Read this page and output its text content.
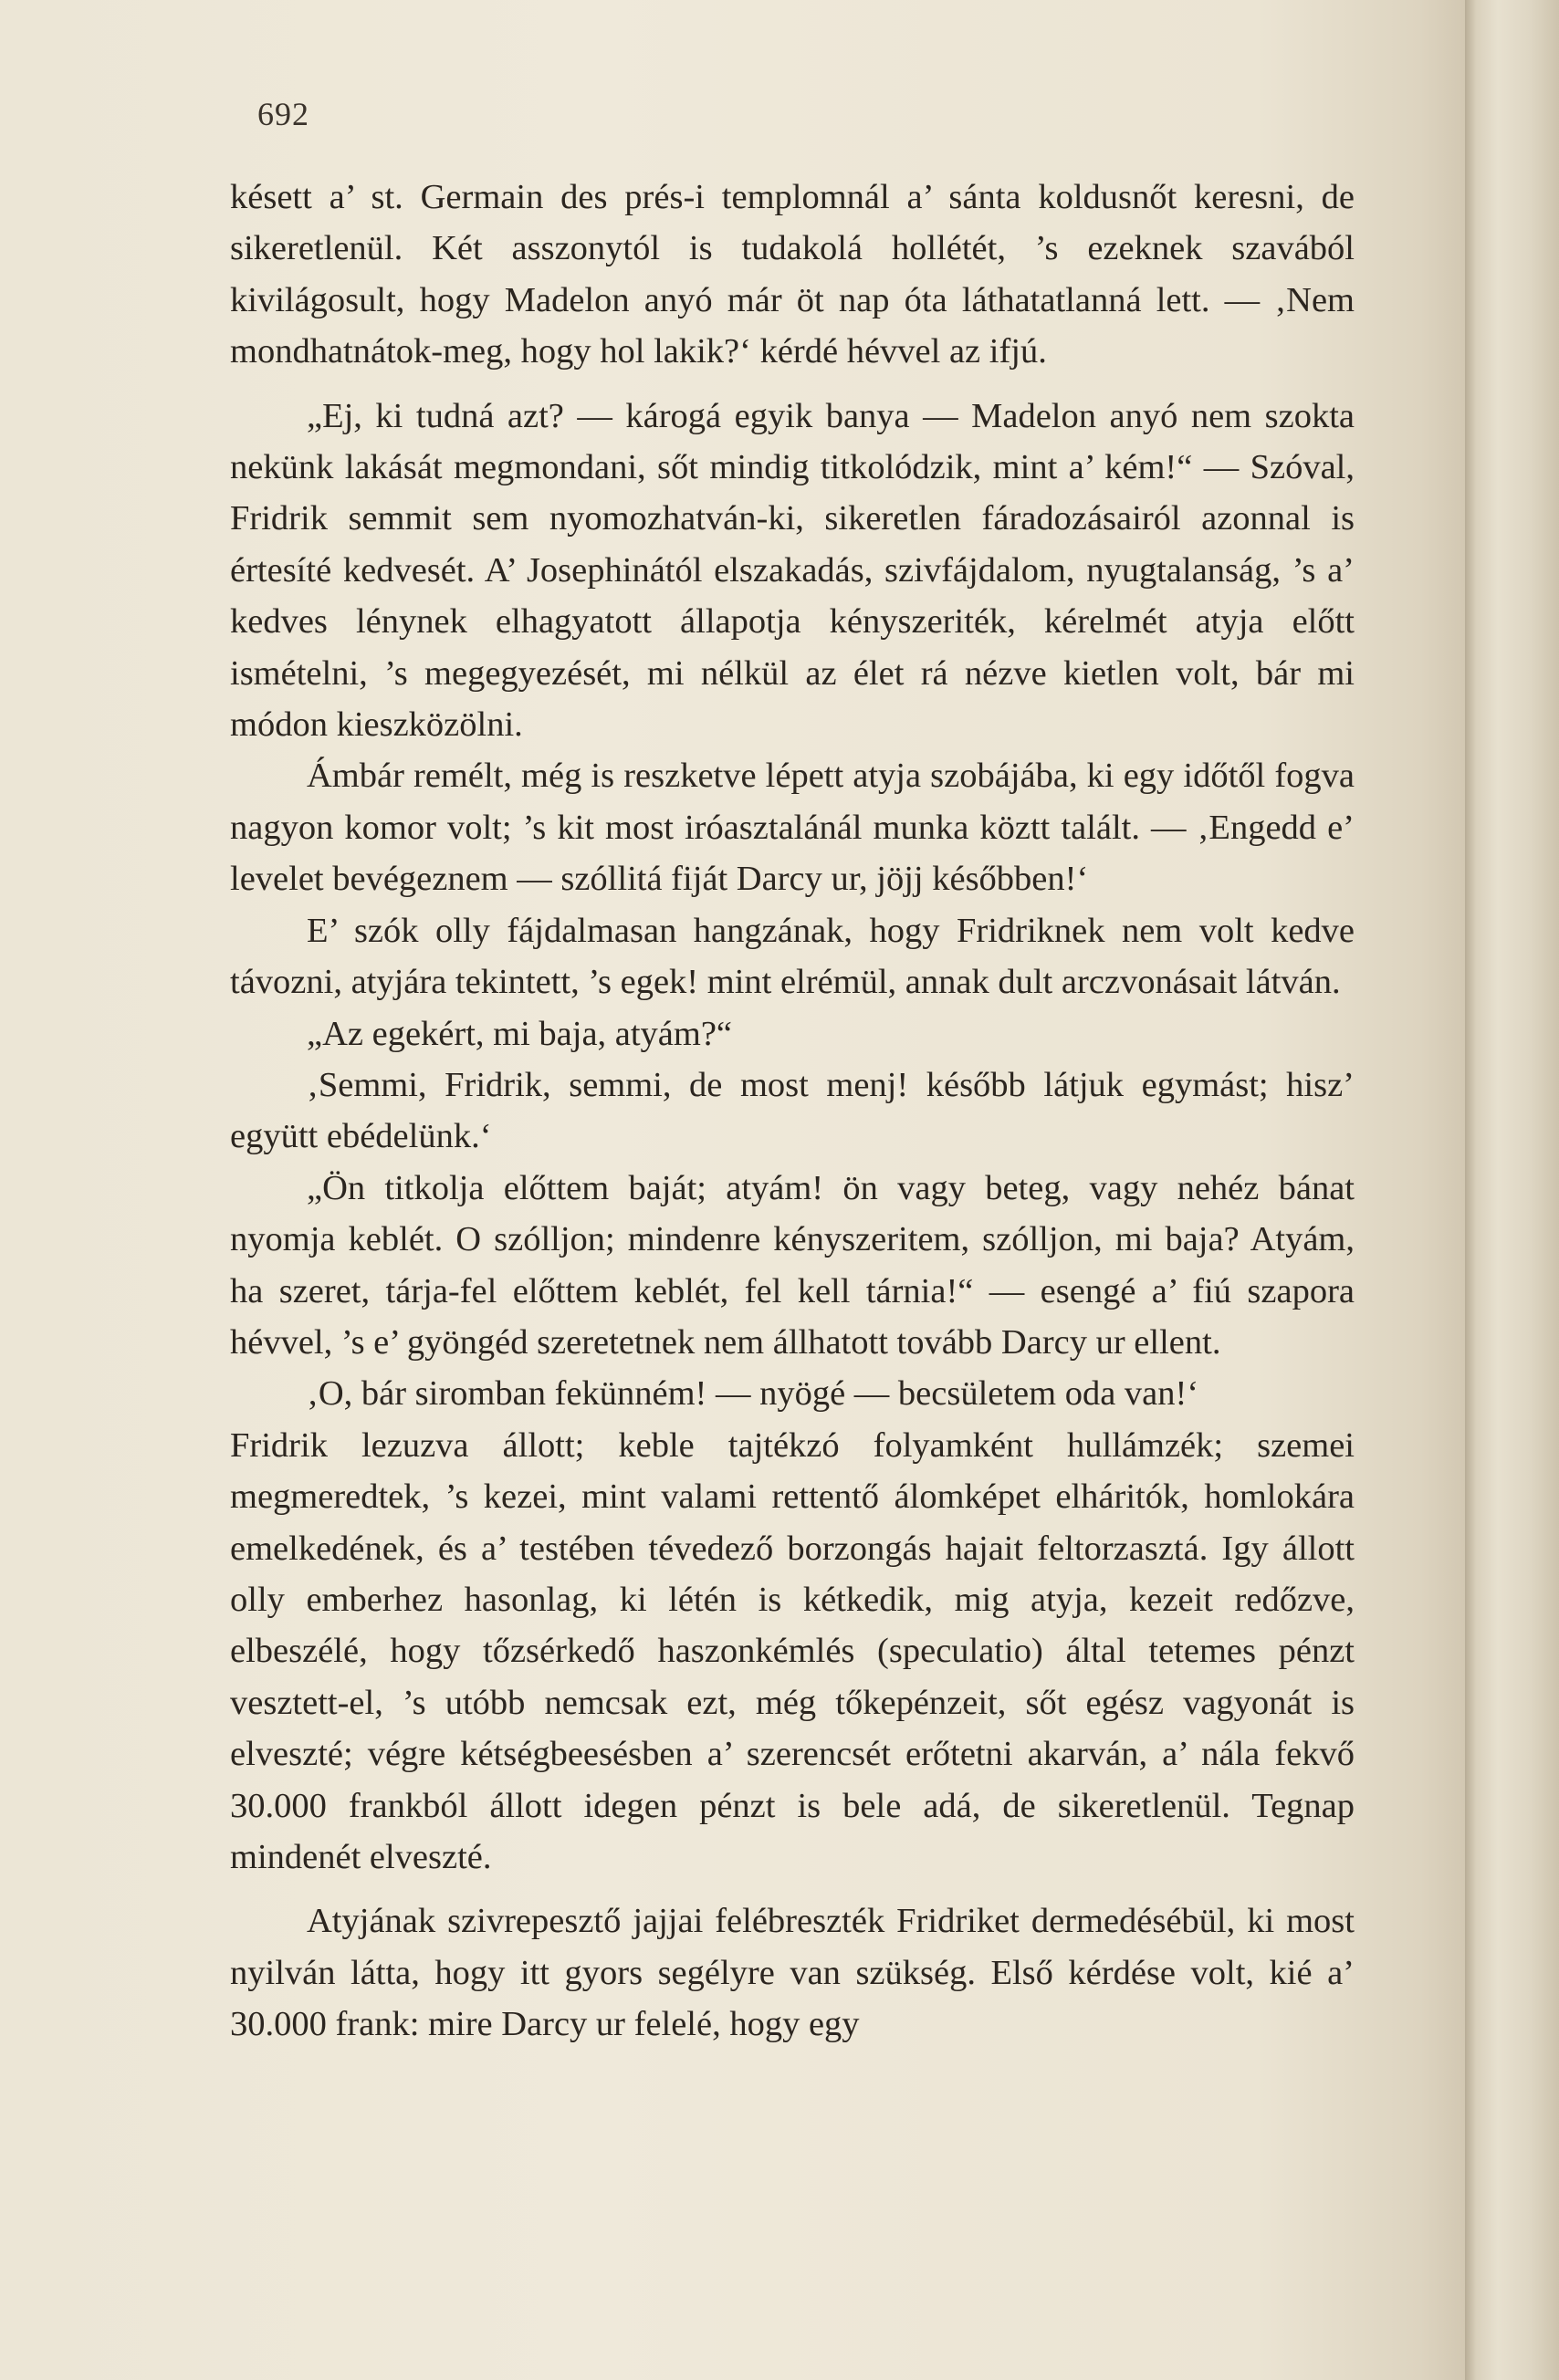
692

késett a’ st. Germain des prés-i templomnál a’ sánta koldusnőt keresni, de sikeretlenül. Két asszonytól is tudakolá hollétét, ’s ezeknek szavából kivilágosult, hogy Madelon anyó már öt nap óta láthatatlanná lett. — ‚Nem mondhatnátok-meg, hogy hol lakik?‘ kérdé hévvel az ifjú.

„Ej, ki tudná azt? — károgá egyik banya — Madelon anyó nem szokta nekünk lakását megmondani, sőt mindig titkolódzik, mint a’ kém!“ — Szóval, Fridrik semmit sem nyomozhatván-ki, sikeretlen fáradozásairól azonnal is értesíté kedvesét. A’ Josephinától elszakadás, szivfájdalom, nyugtalanság, ’s a’ kedves lénynek elhagyatott állapotja kényszeriték, kérelmét atyja előtt ismételni, ’s megegyezését, mi nélkül az élet rá nézve kietlen volt, bár mi módon kieszközölni.

Ámbár remélt, még is reszketve lépett atyja szobájába, ki egy időtől fogva nagyon komor volt; ’s kit most iróasztalánál munka köztt talált. — ‚Engedd e’ levelet bevégeznem — szóllitá fiját Darcy ur, jöjj későbben!‘

E’ szók olly fájdalmasan hangzának, hogy Fridriknek nem volt kedve távozni, atyjára tekintett, ’s egek! mint elrémül, annak dult arczvonásait látván.

„Az egekért, mi baja, atyám?“

‚Semmi, Fridrik, semmi, de most menj! később látjuk egymást; hisz’ együtt ebédelünk.‘

„Ön titkolja előttem baját; atyám! ön vagy beteg, vagy nehéz bánat nyomja keblét. O szólljon; mindenre kényszeritem, szólljon, mi baja? Atyám, ha szeret, tárja-fel előttem keblét, fel kell tárnia!“ — esengé a’ fiú szapora hévvel, ’s e’ gyöngéd szeretetnek nem állhatott tovább Darcy ur ellent.

‚O, bár siromban fekünném! — nyögé — becsületem oda van!‘

Fridrik lezuzva állott; keble tajtékzó folyamként hullámzék; szemei megmeredtek, ’s kezei, mint valami rettentő álomképet elháritók, homlokára emelkedének, és a’ testében tévedező borzongás hajait feltorzasztá. Igy állott olly emberhez hasonlag, ki létén is kétkedik, mig atyja, kezeit redőzve, elbeszélé, hogy tőzsérkedő haszonkémlés (speculatio) által tetemes pénzt vesztett-el, ’s utóbb nemcsak ezt, még tőkepénzeit, sőt egész vagyonát is elveszté; végre kétségbeesésben a’ szerencsét erőtetni akarván, a’ nála fekvő 30.000 frankból állott idegen pénzt is bele adá, de sikeretlenül. Tegnap mindenét elveszté.

Atyjának szivrepesztő jajjai felébreszték Fridriket dermedésébül, ki most nyilván látta, hogy itt gyors segélyre van szükség. Első kérdése volt, kié a’ 30.000 frank: mire Darcy ur felelé, hogy egy
